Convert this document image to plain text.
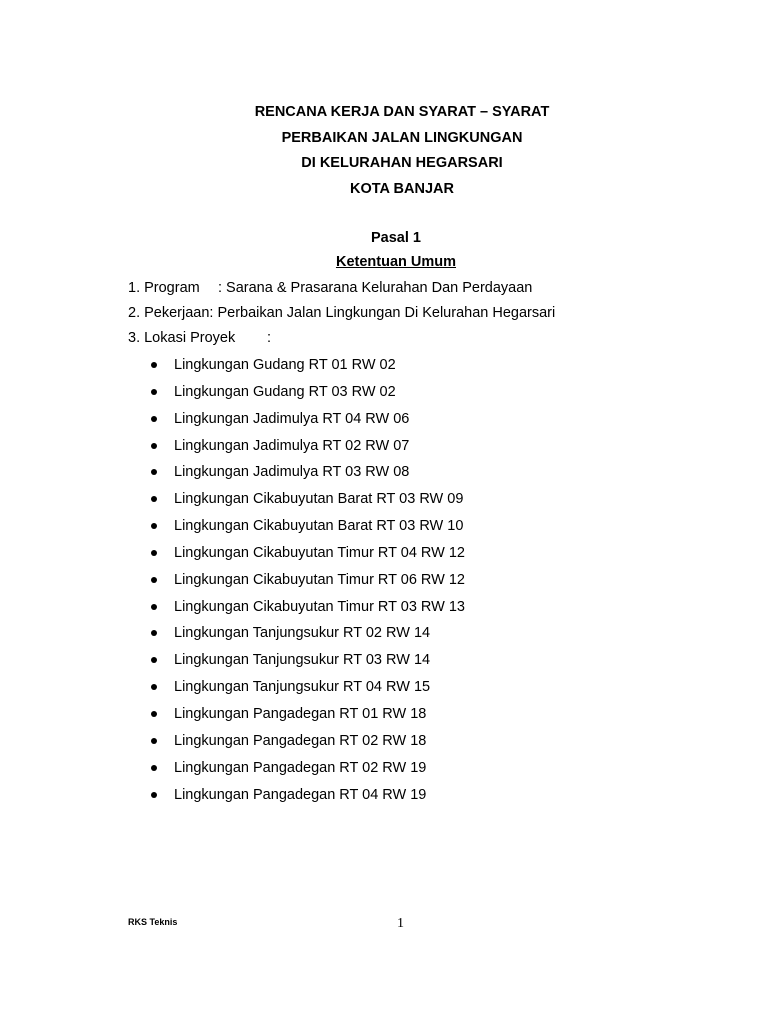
RENCANA KERJA DAN SYARAT – SYARAT
PERBAIKAN JALAN LINGKUNGAN
DI KELURAHAN HEGARSARI
KOTA BANJAR
Pasal 1
Ketentuan Umum
1. Program : Sarana & Prasarana Kelurahan Dan Perdayaan
2. Pekerjaan: Perbaikan Jalan Lingkungan Di Kelurahan Hegarsari
3. Lokasi Proyek :
Lingkungan Gudang RT 01 RW 02
Lingkungan Gudang RT 03 RW 02
Lingkungan Jadimulya RT 04 RW 06
Lingkungan Jadimulya RT 02 RW 07
Lingkungan Jadimulya RT 03 RW 08
Lingkungan Cikabuyutan Barat RT 03 RW 09
Lingkungan Cikabuyutan Barat RT 03 RW 10
Lingkungan Cikabuyutan Timur RT 04 RW 12
Lingkungan Cikabuyutan Timur RT 06 RW 12
Lingkungan Cikabuyutan Timur RT 03 RW 13
Lingkungan Tanjungsukur RT 02 RW 14
Lingkungan Tanjungsukur RT 03 RW 14
Lingkungan Tanjungsukur RT 04 RW 15
Lingkungan Pangadegan RT 01 RW 18
Lingkungan Pangadegan RT 02 RW 18
Lingkungan Pangadegan RT 02 RW 19
Lingkungan Pangadegan RT 04 RW 19
RKS Teknis	1
